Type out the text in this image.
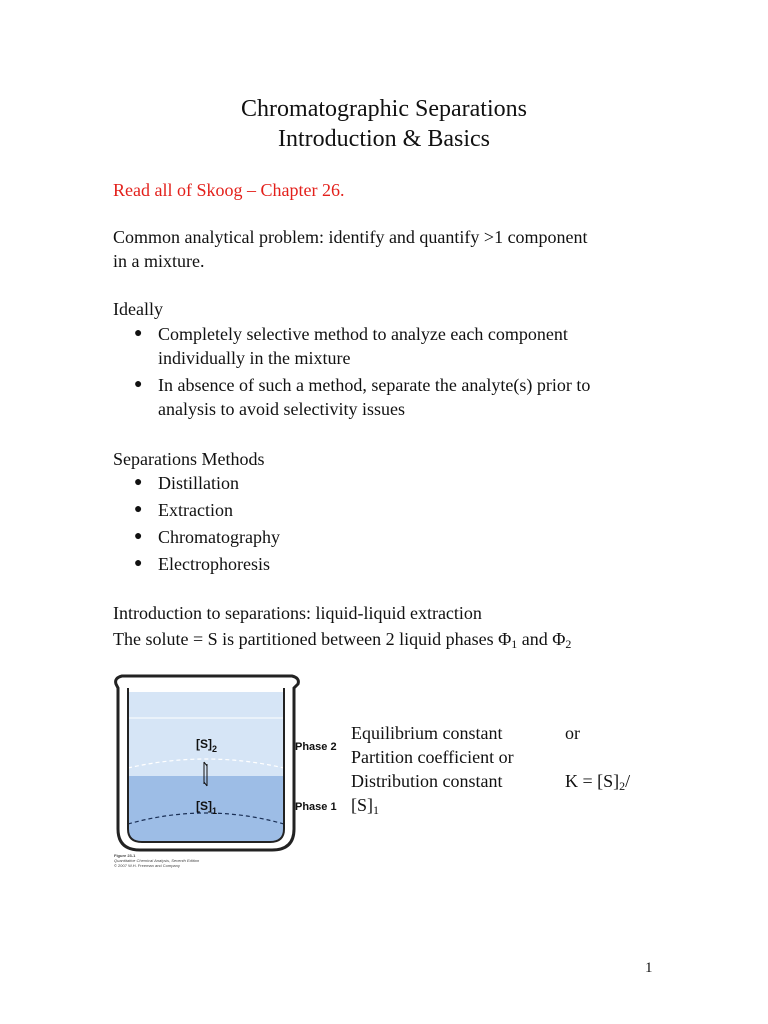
Chromatographic Separations
Introduction & Basics
Read all of Skoog – Chapter 26.
Common analytical problem: identify and quantify >1 component
in a mixture.
Ideally
● Completely selective method to analyze each component
individually in the mixture
● In absence of such a method, separate the analyte(s) prior to
analysis to avoid selectivity issues
Separations Methods
● Distillation
● Extraction
● Chromatography
● Electrophoresis
Introduction to separations: liquid-liquid extraction
The solute = S is partitioned between 2 liquid phases $\Phi_1$ and $\Phi_2$
$[S]_2$
$[S]_1$
Phase 2
Phase 1
Figure 23-1
Quantitative Chemical Analysis, Seventh Edition
© 2007 W.H. Freeman and Company
Equilibrium constant	or
Partition coefficient or
Distribution constant	$K = [S]_2/$
$[S]_1$
1
